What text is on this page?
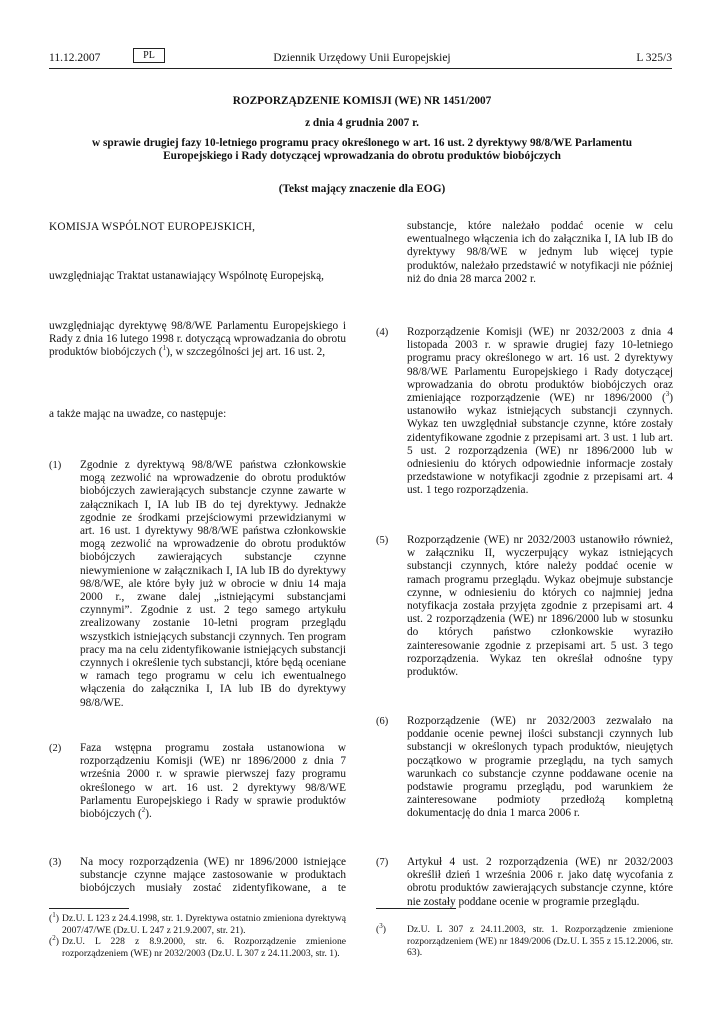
11.12.2007	PL	Dziennik Urzędowy Unii Europejskiej	L 325/3
ROZPORZĄDZENIE KOMISJI (WE) NR 1451/2007
z dnia 4 grudnia 2007 r.
w sprawie drugiej fazy 10-letniego programu pracy określonego w art. 16 ust. 2 dyrektywy 98/8/WE Parlamentu Europejskiego i Rady dotyczącej wprowadzania do obrotu produktów biobójczych
(Tekst mający znaczenie dla EOG)
KOMISJA WSPÓLNOT EUROPEJSKICH,
uwzględniając Traktat ustanawiający Wspólnotę Europejską,
uwzględniając dyrektywę 98/8/WE Parlamentu Europejskiego i Rady z dnia 16 lutego 1998 r. dotyczącą wprowadzania do obrotu produktów biobójczych ($^1$), w szczególności jej art. 16 ust. 2,
a także mając na uwadze, co następuje:
(1) Zgodnie z dyrektywą 98/8/WE państwa członkowskie mogą zezwolić na wprowadzenie do obrotu produktów biobójczych zawierających substancje czynne zawarte w załącznikach I, IA lub IB do tej dyrektywy. Jednakże zgodnie ze środkami przejściowymi przewidzianymi w art. 16 ust. 1 dyrektywy 98/8/WE państwa członkowskie mogą zezwolić na wprowadzenie do obrotu produktów biobójczych zawierających substancje czynne niewymienione w załącznikach I, IA lub IB do dyrektywy 98/8/WE, ale które były już w obrocie w dniu 14 maja 2000 r., zwane dalej „istniejącymi substancjami czynnymi”. Zgodnie z ust. 2 tego samego artykułu zrealizowany zostanie 10-letni program przeglądu wszystkich istniejących substancji czynnych. Ten program pracy ma na celu zidentyfikowanie istniejących substancji czynnych i określenie tych substancji, które będą oceniane w ramach tego programu w celu ich ewentualnego włączenia do załącznika I, IA lub IB do dyrektywy 98/8/WE.
(2) Faza wstępna programu została ustanowiona w rozporządzeniu Komisji (WE) nr 1896/2000 z dnia 7 września 2000 r. w sprawie pierwszej fazy programu określonego w art. 16 ust. 2 dyrektywy 98/8/WE Parlamentu Europejskiego i Rady w sprawie produktów biobójczych ($^2$).
(3) Na mocy rozporządzenia (WE) nr 1896/2000 istniejące substancje czynne mające zastosowanie w produktach biobójczych musiały zostać zidentyfikowane, a te
substancje, które należało poddać ocenie w celu ewentualnego włączenia ich do załącznika I, IA lub IB do dyrektywy 98/8/WE w jednym lub więcej typie produktów, należało przedstawić w notyfikacji nie później niż do dnia 28 marca 2002 r.
(4) Rozporządzenie Komisji (WE) nr 2032/2003 z dnia 4 listopada 2003 r. w sprawie drugiej fazy 10-letniego programu pracy określonego w art. 16 ust. 2 dyrektywy 98/8/WE Parlamentu Europejskiego i Rady dotyczącej wprowadzania do obrotu produktów biobójczych oraz zmieniające rozporządzenie (WE) nr 1896/2000 ($^3$) ustanowiło wykaz istniejących substancji czynnych. Wykaz ten uwzględniał substancje czynne, które zostały zidentyfikowane zgodnie z przepisami art. 3 ust. 1 lub art. 5 ust. 2 rozporządzenia (WE) nr 1896/2000 lub w odniesieniu do których odpowiednie informacje zostały przedstawione w notyfikacji zgodnie z przepisami art. 4 ust. 1 tego rozporządzenia.
(5) Rozporządzenie (WE) nr 2032/2003 ustanowiło również, w załączniku II, wyczerpujący wykaz istniejących substancji czynnych, które należy poddać ocenie w ramach programu przeglądu. Wykaz obejmuje substancje czynne, w odniesieniu do których co najmniej jedna notyfikacja została przyjęta zgodnie z przepisami art. 4 ust. 2 rozporządzenia (WE) nr 1896/2000 lub w stosunku do których państwo członkowskie wyraziło zainteresowanie zgodnie z przepisami art. 5 ust. 3 tego rozporządzenia. Wykaz ten określał odnośne typy produktów.
(6) Rozporządzenie (WE) nr 2032/2003 zezwalało na poddanie ocenie pewnej ilości substancji czynnych lub substancji w określonych typach produktów, nieujętych początkowo w programie przeglądu, na tych samych warunkach co substancje czynne poddawane ocenie na podstawie programu przeglądu, pod warunkiem że zainteresowane podmioty przedłożą kompletną dokumentację do dnia 1 marca 2006 r.
(7) Artykuł 4 ust. 2 rozporządzenia (WE) nr 2032/2003 określił dzień 1 września 2006 r. jako datę wycofania z obrotu produktów zawierających substancje czynne, które nie zostały poddane ocenie w programie przeglądu.
($^1$) Dz.U. L 123 z 24.4.1998, str. 1. Dyrektywa ostatnio zmieniona dyrektywą 2007/47/WE (Dz.U. L 247 z 21.9.2007, str. 21).
($^2$) Dz.U. L 228 z 8.9.2000, str. 6. Rozporządzenie zmienione rozporządzeniem (WE) nr 2032/2003 (Dz.U. L 307 z 24.11.2003, str. 1).
($^3$) Dz.U. L 307 z 24.11.2003, str. 1. Rozporządzenie zmienione rozporządzeniem (WE) nr 1849/2006 (Dz.U. L 355 z 15.12.2006, str. 63).
